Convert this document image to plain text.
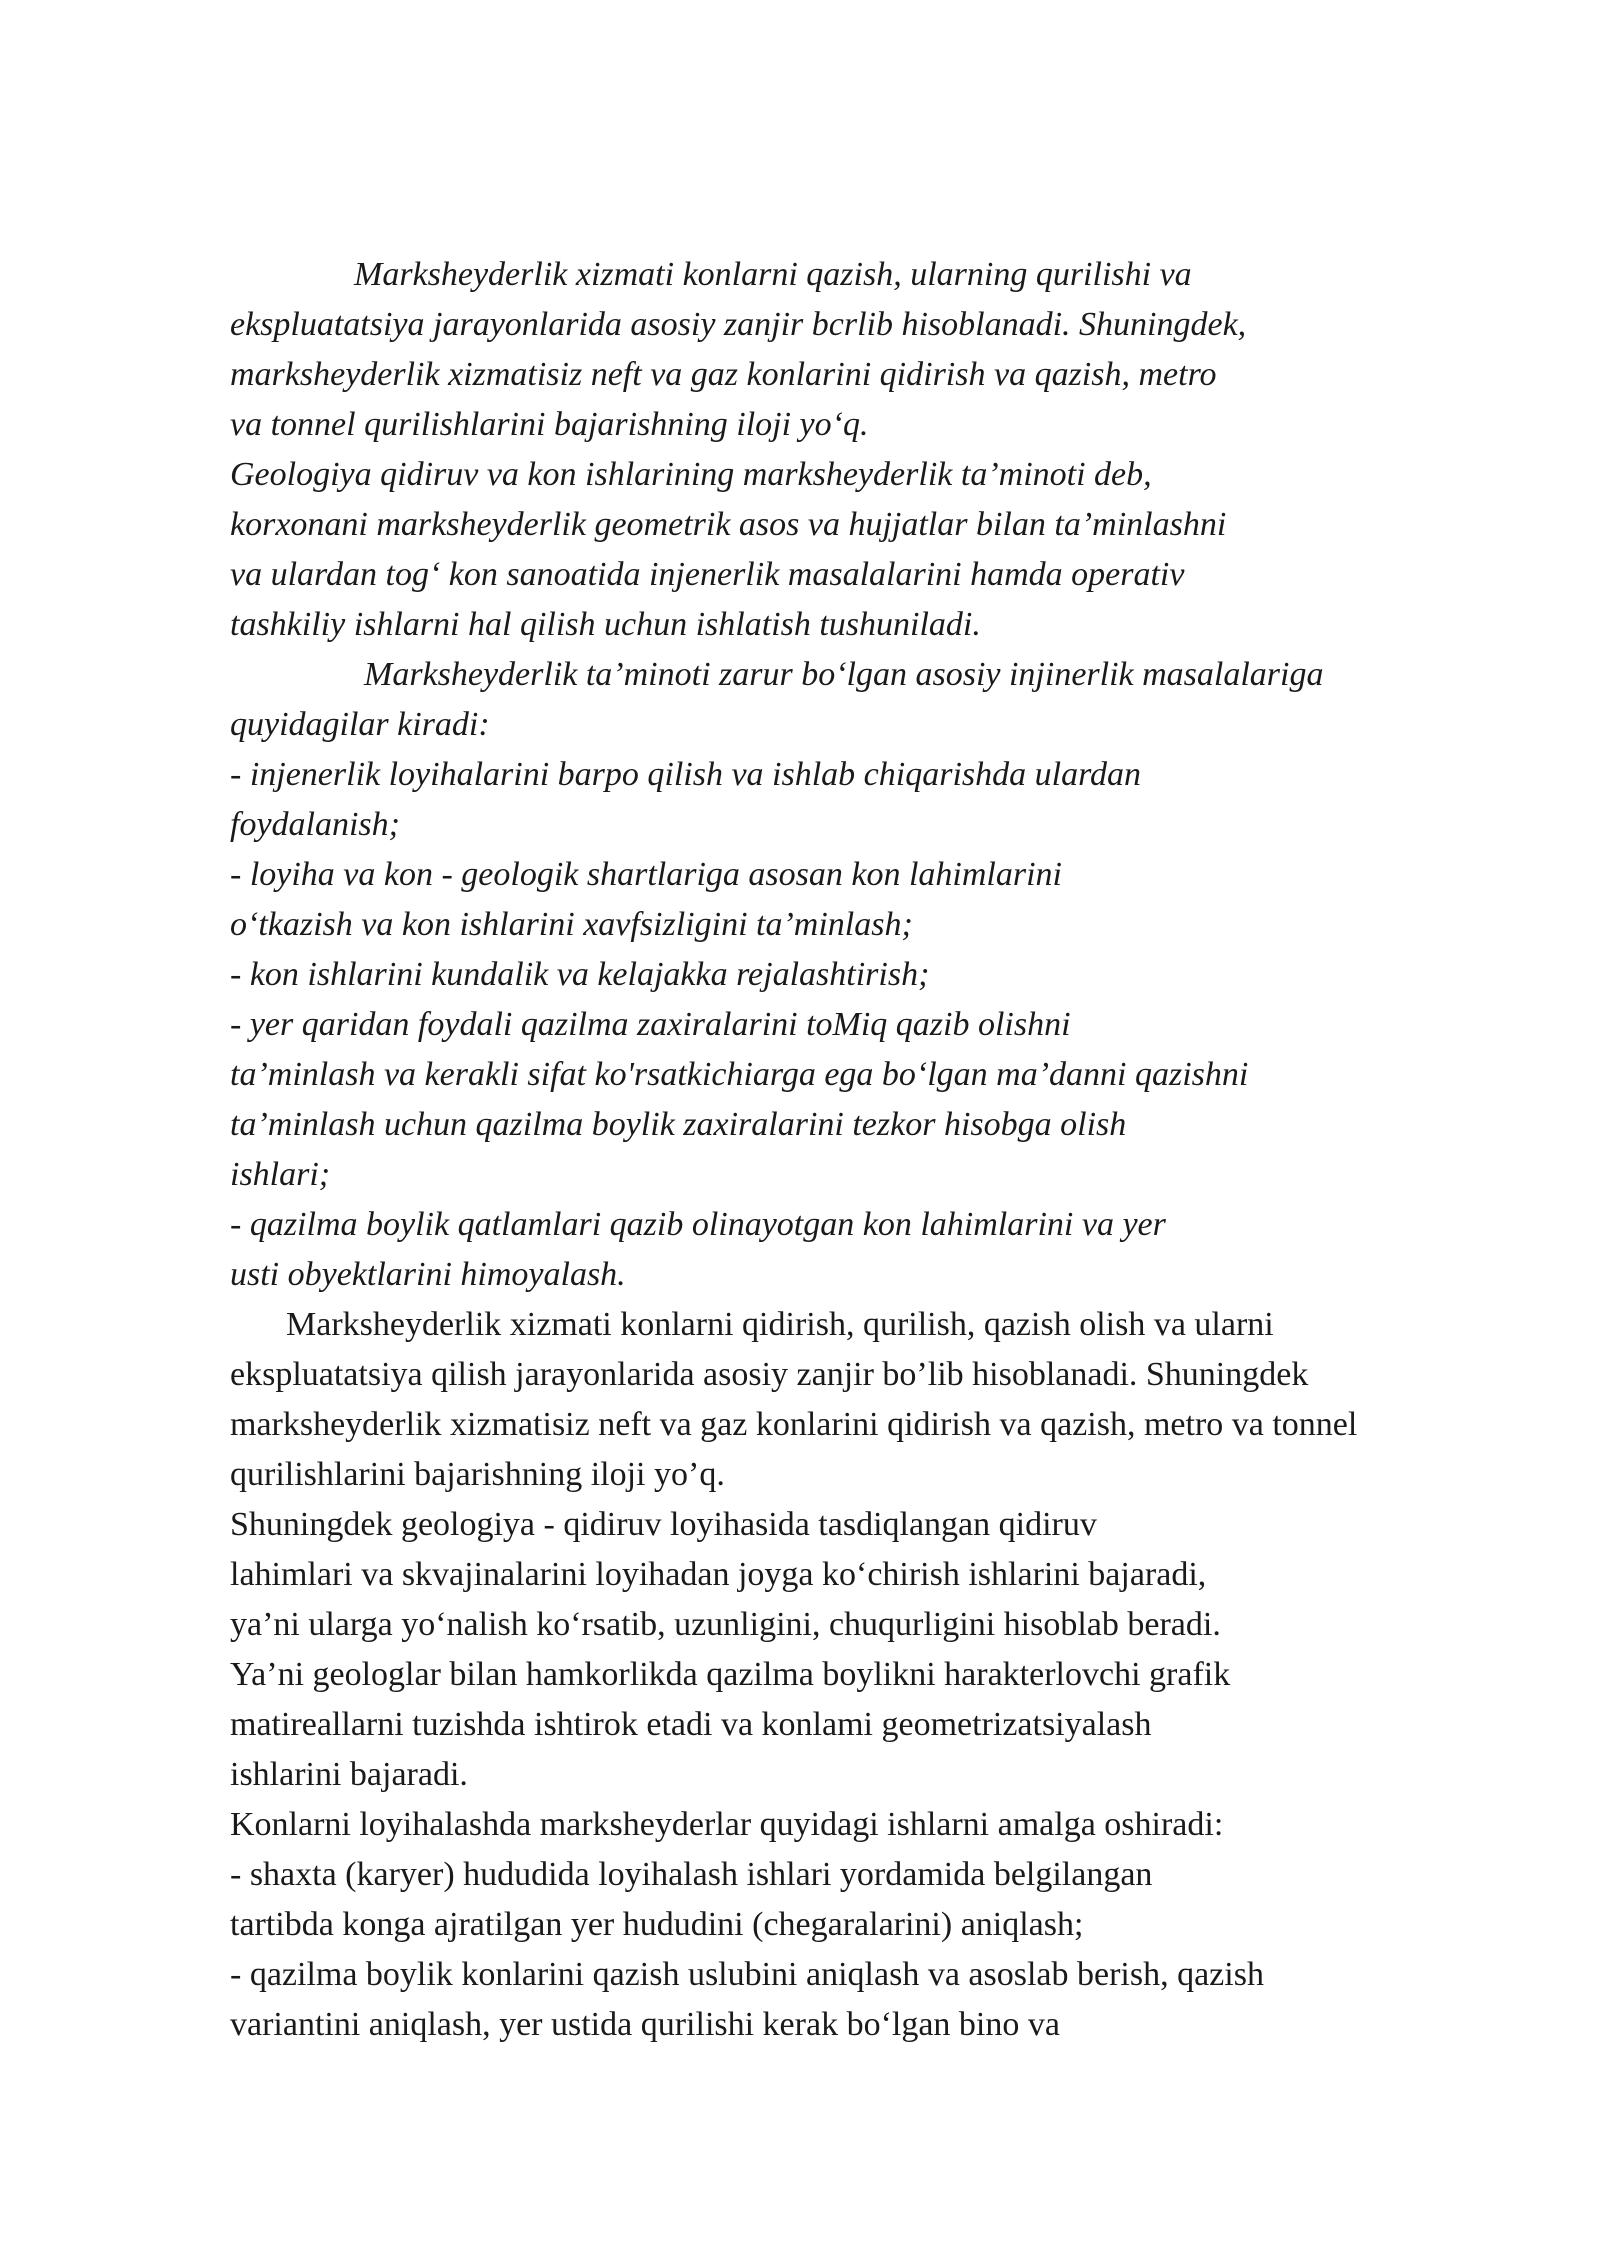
Marksheyderlik xizmati konlarni qazish, ularning qurilishi va
ekspluatatsiya jarayonlarida asosiy zanjir bcrlib hisoblanadi. Shuningdek,
marksheyderlik xizmatisiz neft va gaz konlarini qidirish va qazish, metro
va tonnel qurilishlarini bajarishning iloji yo‘q.
Geologiya qidiruv va kon ishlarining marksheyderlik ta’minoti deb,
korxonani marksheyderlik geometrik asos va hujjatlar bilan ta’minlashni
va ulardan tog‘ kon sanoatida injenerlik masalalarini hamda operativ
tashkiliy ishlarni hal qilish uchun ishlatish tushuniladi.
Marksheyderlik ta’minoti zarur bo‘lgan asosiy injinerlik masalalariga
quyidagilar kiradi:
- injenerlik loyihalarini barpo qilish va ishlab chiqarishda ulardan
foydalanish;
- loyiha va kon - geologik shartlariga asosan kon lahimlarini
o‘tkazish va kon ishlarini xavfsizligini ta’minlash;
- kon ishlarini kundalik va kelajakka rejalashtirish;
- yer qaridan foydali qazilma zaxiralarini toMiq qazib olishni
ta’minlash va kerakli sifat ko'rsatkichiarga ega bo‘lgan ma’danni qazishni
ta’minlash uchun qazilma boylik zaxiralarini tezkor hisobga olish
ishlari;
- qazilma boylik qatlamlari qazib olinayotgan kon lahimlarini va yer
usti obyektlarini himoyalash.
Marksheyderlik xizmati konlarni qidirish, qurilish, qazish olish va ularni
ekspluatatsiya qilish jarayonlarida asosiy zanjir bo’lib hisoblanadi. Shuningdek
marksheyderlik xizmatisiz neft va gaz konlarini qidirish va qazish, metro va tonnel
qurilishlarini bajarishning iloji yo’q.
Shuningdek geologiya - qidiruv loyihasida tasdiqlangan qidiruv
lahimlari va skvajinalarini loyihadan joyga ko‘chirish ishlarini bajaradi,
ya’ni ularga yo‘nalish ko‘rsatib, uzunligini, chuqurligini hisoblab beradi.
Ya’ni geologlar bilan hamkorlikda qazilma boylikni harakterlovchi grafik
matireallarni tuzishda ishtirok etadi va konlami geometrizatsiyalash
ishlarini bajaradi.
Konlarni loyihalashda marksheyderlar quyidagi ishlarni amalga oshiradi:
- shaxta (karyer) hududida loyihalash ishlari yordamida belgilangan
tartibda konga ajratilgan yer hududini (chegaralarini) aniqlash;
- qazilma boylik konlarini qazish uslubini aniqlash va asoslab berish, qazish
variantini aniqlash, yer ustida qurilishi kerak bo‘lgan bino va
